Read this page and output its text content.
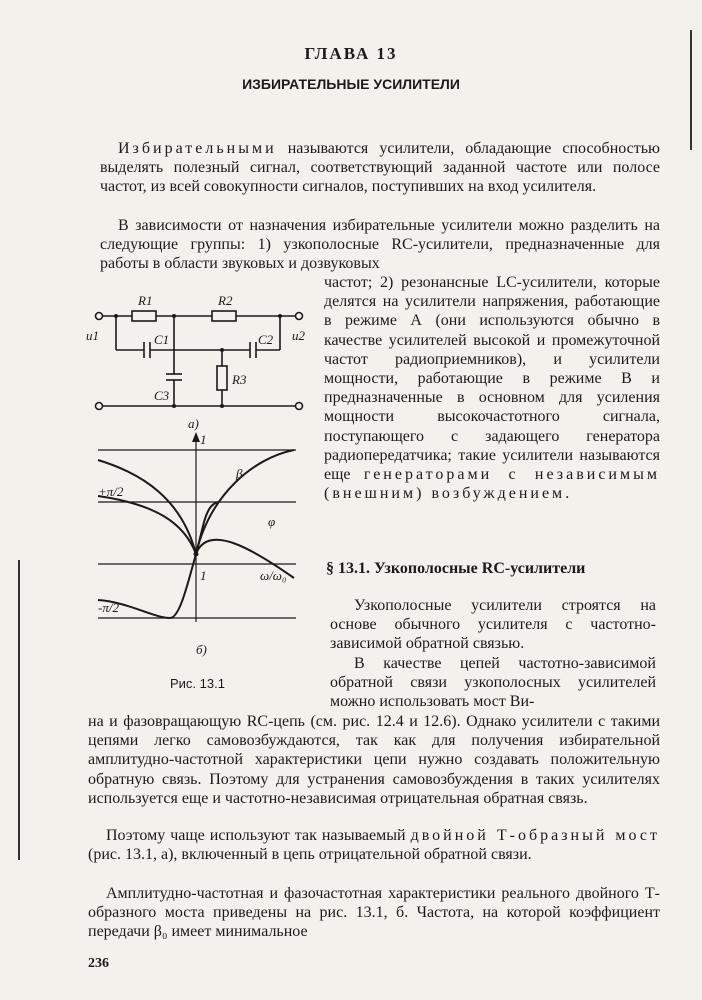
ГЛАВА 13
ИЗБИРАТЕЛЬНЫЕ УСИЛИТЕЛИ

Избирательными называются усилители, обладающие способностью выделять полезный сигнал, соответствующий заданной частоте или полосе частот, из всей совокупности сигналов, поступивших на вход усилителя.

В зависимости от назначения избирательные усилители можно разделить на следующие группы: 1) узкополосные RC-усилители, предназначенные для работы в области звуковых и дозвуковых

частот; 2) резонансные LC-усилители, которые делятся на усилители напряжения, работающие в режиме А (они используются обычно в качестве усилителей высокой и промежуточной частот радиоприемников), и усилители мощности, работающие в режиме В и предназначенные в основном для усиления мощности высокочастотного сигнала, поступающего с задающего генератора радиопередатчика; такие усилители называются еще генераторами с независимым (внешним) возбуждением.

§ 13.1. Узкополосные RC-усилители

Узкополосные усилители строятся на основе обычного усилителя с частотно-зависимой обратной связью.

В качестве цепей частотно-зависимой обратной связи узкополосных усилителей можно использовать мост Ви-

на и фазовращающую RC-цепь (см. рис. 12.4 и 12.6). Однако усилители с такими цепями легко самовозбуждаются, так как для получения избирательной амплитудно-частотной характеристики цепи нужно создавать положительную обратную связь. Поэтому для устранения самовозбуждения в таких усилителях используется еще и частотно-независимая отрицательная обратная связь.

Поэтому чаще используют так называемый двойной Т-образный мост (рис. 13.1, а), включенный в цепь отрицательной обратной связи.

Амплитудно-частотная и фазочастотная характеристики реального двойного Т-образного моста приведены на рис. 13.1, б. Частота, на которой коэффициент передачи β₀ имеет минимальное

R1	R2
R3
C1	C2
C3
u1	u2
а)
1
β
φ
+π/2
-π/2
1	ω/ω₀
б)
Рис. 13.1
236
